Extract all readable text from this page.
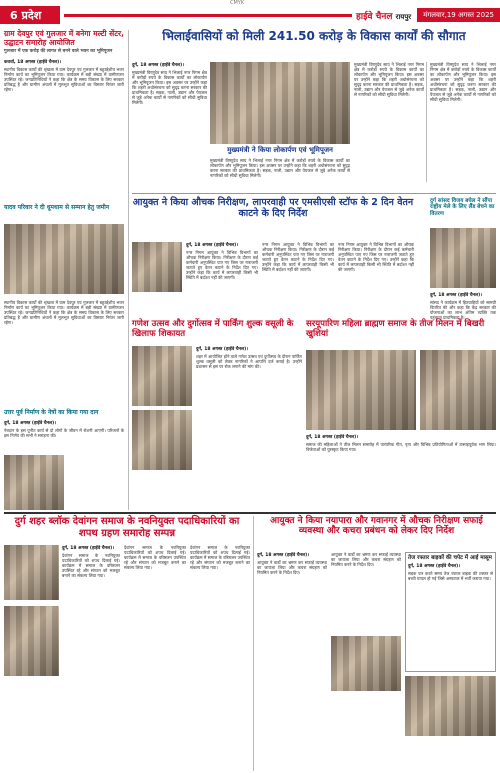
CMYK
6 प्रदेश	हाईवे चैनल रायपुर	मंगलवार,19 अगस्त 2025
ग्राम देवपुर एवं गुलजार में बनेगा मल्टी सेंटर, उद्घाटन समारोह आयोजित
गुलजार में एक करोड़ की लागत से बनने वाले भवन का भूमिपूजन
कवर्धा, 18 अगस्त (हाईवे चैनल)।
स्थानीय विकास कार्यों की श्रृंखला में ग्राम देवपुर एवं गुलजार में बहुउद्देशीय भवन निर्माण कार्य का भूमिपूजन किया गया। कार्यक्रम में बड़ी संख्या में ग्रामीणजन उपस्थित रहे। जनप्रतिनिधियों ने कहा कि क्षेत्र के समग्र विकास के लिए सरकार प्रतिबद्ध है और ग्रामीण अंचलों में मूलभूत सुविधाओं का विस्तार निरंतर जारी रहेगा।
यादव परिवार ने दी धूमधाम से सम्मान हेतु जमीन
स्थानीय विकास कार्यों की श्रृंखला में ग्राम देवपुर एवं गुलजार में बहुउद्देशीय भवन निर्माण कार्य का भूमिपूजन किया गया। कार्यक्रम में बड़ी संख्या में ग्रामीणजन उपस्थित रहे। जनप्रतिनिधियों ने कहा कि क्षेत्र के समग्र विकास के लिए सरकार प्रतिबद्ध है और ग्रामीण अंचलों में मूलभूत सुविधाओं का विस्तार निरंतर जारी रहेगा।
उत्तर पूर्व निर्माण के नेत्रों का किया गया दान
दुर्ग, 18 अगस्त (हाईवे चैनल)।
नेत्रदान के इस पुनीत कार्य से दो लोगों के जीवन में रोशनी आएगी। परिजनों के इस निर्णय की सभी ने सराहना की।
भिलाईवासियों को मिली 241.50 करोड़ के विकास कार्यों की सौगात
दुर्ग, 18 अगस्त (हाईवे चैनल)।
मुख्यमंत्री विष्णुदेव साय ने भिलाई नगर निगम क्षेत्र में करोड़ों रुपये के विकास कार्यों का लोकार्पण और भूमिपूजन किया। इस अवसर पर उन्होंने कहा कि शहरी अधोसंरचना को सुदृढ़ करना सरकार की प्राथमिकता है। सड़क, नाली, उद्यान और पेयजल से जुड़े अनेक कार्यों से नागरिकों को सीधी सुविधा मिलेगी।
मुख्यमंत्री ने किया लोकार्पण एवं भूमिपूजन
मुख्यमंत्री विष्णुदेव साय ने भिलाई नगर निगम क्षेत्र में करोड़ों रुपये के विकास कार्यों का लोकार्पण और भूमिपूजन किया। इस अवसर पर उन्होंने कहा कि शहरी अधोसंरचना को सुदृढ़ करना सरकार की प्राथमिकता है। सड़क, नाली, उद्यान और पेयजल से जुड़े अनेक कार्यों से नागरिकों को सीधी सुविधा मिलेगी।
मुख्यमंत्री विष्णुदेव साय ने भिलाई नगर निगम क्षेत्र में करोड़ों रुपये के विकास कार्यों का लोकार्पण और भूमिपूजन किया। इस अवसर पर उन्होंने कहा कि शहरी अधोसंरचना को सुदृढ़ करना सरकार की प्राथमिकता है। सड़क, नाली, उद्यान और पेयजल से जुड़े अनेक कार्यों से नागरिकों को सीधी सुविधा मिलेगी।
मुख्यमंत्री विष्णुदेव साय ने भिलाई नगर निगम क्षेत्र में करोड़ों रुपये के विकास कार्यों का लोकार्पण और भूमिपूजन किया। इस अवसर पर उन्होंने कहा कि शहरी अधोसंरचना को सुदृढ़ करना सरकार की प्राथमिकता है। सड़क, नाली, उद्यान और पेयजल से जुड़े अनेक कार्यों से नागरिकों को सीधी सुविधा मिलेगी।
आयुक्त ने किया औचक निरीक्षण, लापरवाही पर एमसीएसी स्टॉफ के 2 दिन वेतन काटने के दिए निर्देश
दुर्ग सांसद विजय बघेल ने सौंपा राष्ट्रीय मेले के लिए लैंड बेचने का वितरण
दुर्ग, 18 अगस्त (हाईवे चैनल)।
नगर निगम आयुक्त ने विभिन्न विभागों का औचक निरीक्षण किया। निरीक्षण के दौरान कई कर्मचारी अनुपस्थित पाए गए जिस पर नाराजगी जताते हुए वेतन काटने के निर्देश दिए गए। उन्होंने कहा कि कार्य में लापरवाही किसी भी स्थिति में बर्दाश्त नहीं की जाएगी।
नगर निगम आयुक्त ने विभिन्न विभागों का औचक निरीक्षण किया। निरीक्षण के दौरान कई कर्मचारी अनुपस्थित पाए गए जिस पर नाराजगी जताते हुए वेतन काटने के निर्देश दिए गए। उन्होंने कहा कि कार्य में लापरवाही किसी भी स्थिति में बर्दाश्त नहीं की जाएगी।
नगर निगम आयुक्त ने विभिन्न विभागों का औचक निरीक्षण किया। निरीक्षण के दौरान कई कर्मचारी अनुपस्थित पाए गए जिस पर नाराजगी जताते हुए वेतन काटने के निर्देश दिए गए। उन्होंने कहा कि कार्य में लापरवाही किसी भी स्थिति में बर्दाश्त नहीं की जाएगी।
दुर्ग, 18 अगस्त (हाईवे चैनल)।
सांसद ने कार्यक्रम में हितग्राहियों को सामग्री वितरित की और कहा कि केंद्र सरकार की योजनाओं का लाभ अंतिम व्यक्ति तक पहुंचाना प्राथमिकता है।
गणेश उत्सव और दुर्गोत्सव में पार्किंग शुल्क वसूली के खिलाफ शिकायत
सरयूपारिण महिला ब्राह्मण समाज के तीज मिलन में बिखरी खुशियां
दुर्ग, 18 अगस्त (हाईवे चैनल)।
शहर में आयोजित होने वाले गणेश उत्सव एवं दुर्गोत्सव के दौरान पार्किंग शुल्क वसूली को लेकर नागरिकों ने आपत्ति दर्ज कराई है। उन्होंने प्रशासन से इस पर रोक लगाने की मांग की।
दुर्ग, 18 अगस्त (हाईवे चैनल)।
समाज की महिलाओं ने तीज मिलन समारोह में पारंपरिक गीत, नृत्य और विभिन्न प्रतियोगिताओं में उत्साहपूर्वक भाग लिया। विजेताओं को पुरस्कृत किया गया।
दुर्ग शहर ब्लॉक देवांगन समाज के नवनियुक्त पदाधिकारियों का शपथ ग्रहण समारोह सम्पन्न
दुर्ग, 18 अगस्त (हाईवे चैनल)।
देवांगन समाज के नवनियुक्त पदाधिकारियों को शपथ दिलाई गई। कार्यक्रम में समाज के वरिष्ठजन उपस्थित रहे और संगठन को मजबूत बनाने का संकल्प लिया गया।
देवांगन समाज के नवनियुक्त पदाधिकारियों को शपथ दिलाई गई। कार्यक्रम में समाज के वरिष्ठजन उपस्थित रहे और संगठन को मजबूत बनाने का संकल्प लिया गया।
देवांगन समाज के नवनियुक्त पदाधिकारियों को शपथ दिलाई गई। कार्यक्रम में समाज के वरिष्ठजन उपस्थित रहे और संगठन को मजबूत बनाने का संकल्प लिया गया।
आयुक्त ने किया नयापारा और गवानगर में औचक निरीक्षण सफाई व्यवस्था और कचरा प्रबंधन को लेकर दिए निर्देश
दुर्ग, 18 अगस्त (हाईवे चैनल)।
आयुक्त ने वार्डों का भ्रमण कर सफाई व्यवस्था का जायजा लिया और कचरा संग्रहण को नियमित करने के निर्देश दिए।
आयुक्त ने वार्डों का भ्रमण कर सफाई व्यवस्था का जायजा लिया और कचरा संग्रहण को नियमित करने के निर्देश दिए।
तेज रफ्तार बाइकों की चपेट में आई मासूम
दुर्ग, 18 अगस्त (हाईवे चैनल)।
सड़क पार करते समय तेज रफ्तार बाइक की टक्कर से बच्ची घायल हो गई जिसे अस्पताल में भर्ती कराया गया।
